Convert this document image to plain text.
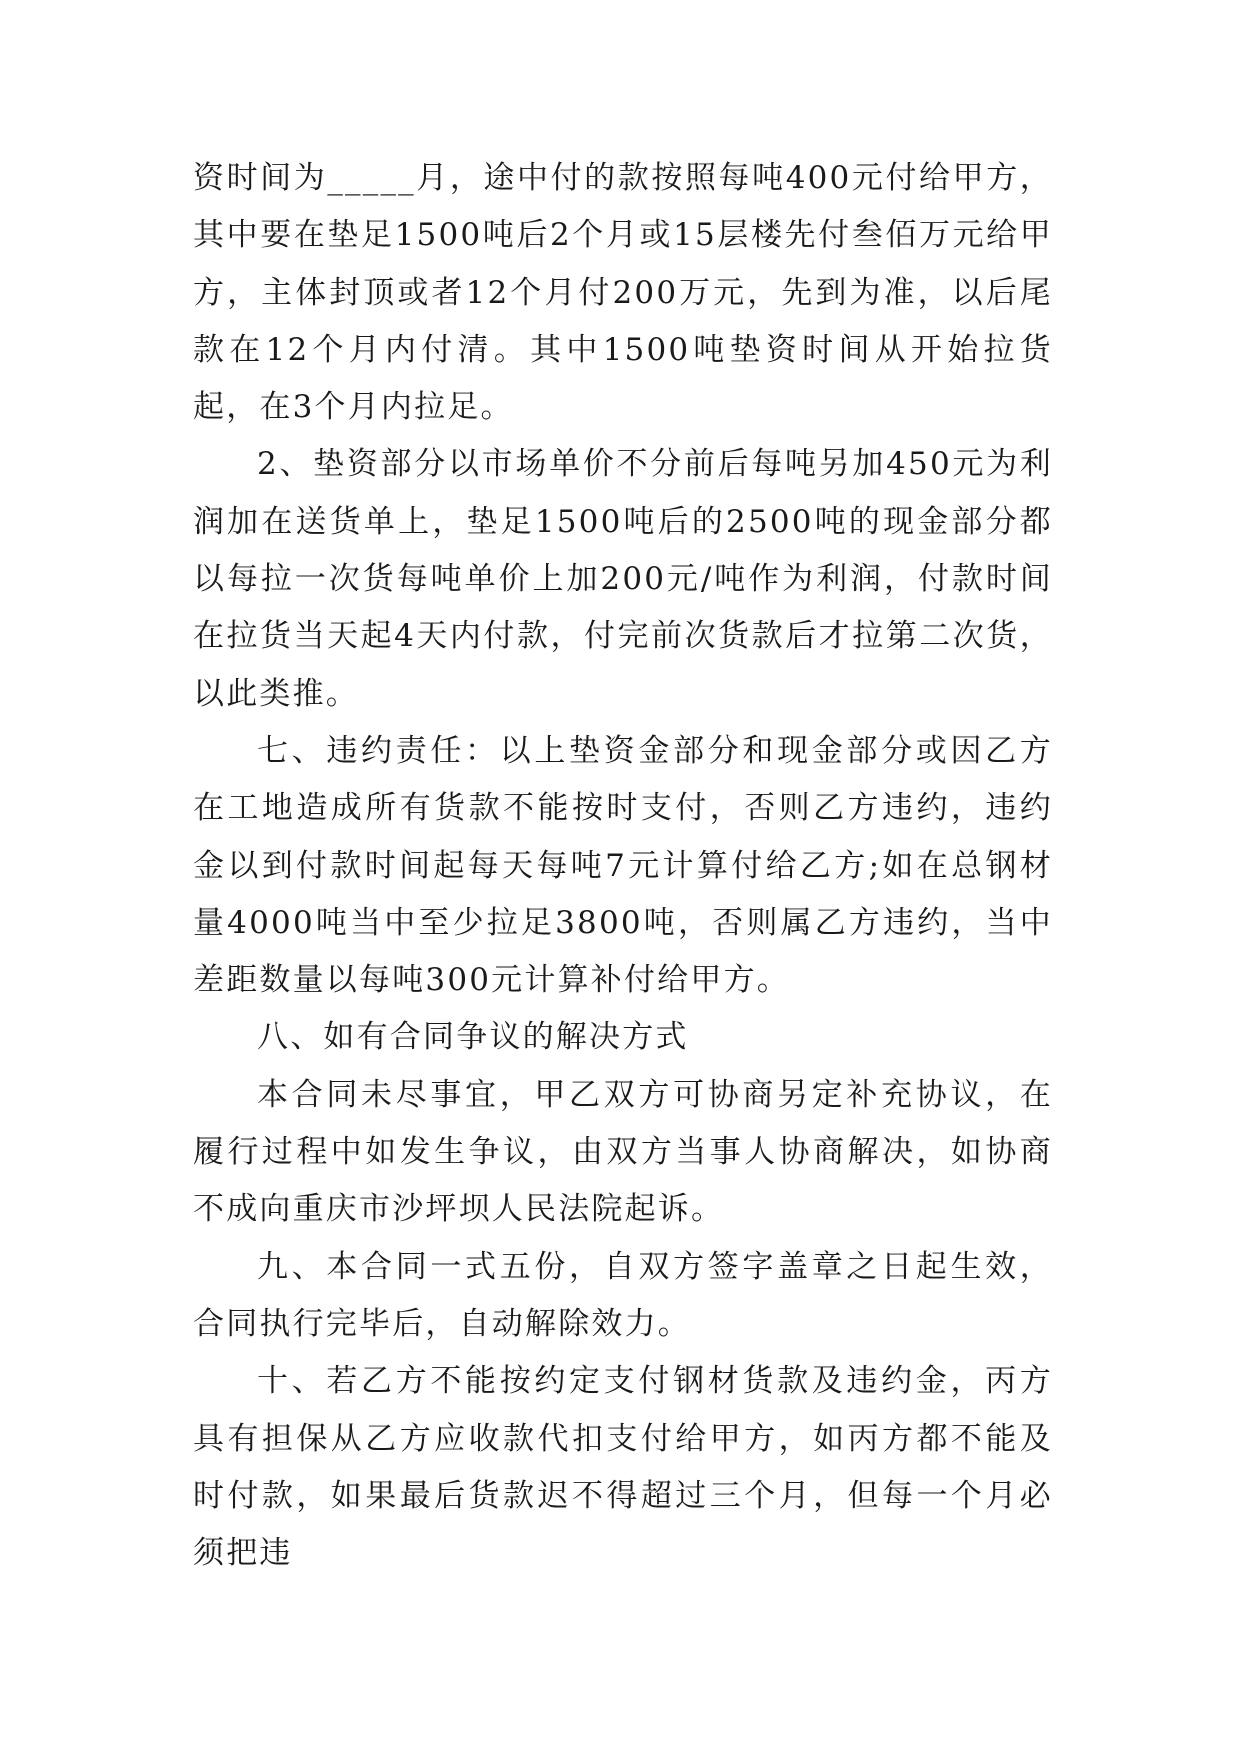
资时间为_____月，途中付的款按照每吨400元付给甲方，其中要在垫足1500吨后2个月或15层楼先付叁佰万元给甲方，主体封顶或者12个月付200万元，先到为准，以后尾款在12个月内付清。其中1500吨垫资时间从开始拉货起，在3个月内拉足。

2、垫资部分以市场单价不分前后每吨另加450元为利润加在送货单上，垫足1500吨后的2500吨的现金部分都以每拉一次货每吨单价上加200元/吨作为利润，付款时间在拉货当天起4天内付款，付完前次货款后才拉第二次货，以此类推。

七、违约责任：以上垫资金部分和现金部分或因乙方在工地造成所有货款不能按时支付，否则乙方违约，违约金以到付款时间起每天每吨7元计算付给乙方;如在总钢材量4000吨当中至少拉足3800吨，否则属乙方违约，当中差距数量以每吨300元计算补付给甲方。

八、如有合同争议的解决方式

本合同未尽事宜，甲乙双方可协商另定补充协议，在履行过程中如发生争议，由双方当事人协商解决，如协商不成向重庆市沙坪坝人民法院起诉。

九、本合同一式五份，自双方签字盖章之日起生效，合同执行完毕后，自动解除效力。

十、若乙方不能按约定支付钢材货款及违约金，丙方具有担保从乙方应收款代扣支付给甲方，如丙方都不能及时付款，如果最后货款迟不得超过三个月，但每一个月必须把违
